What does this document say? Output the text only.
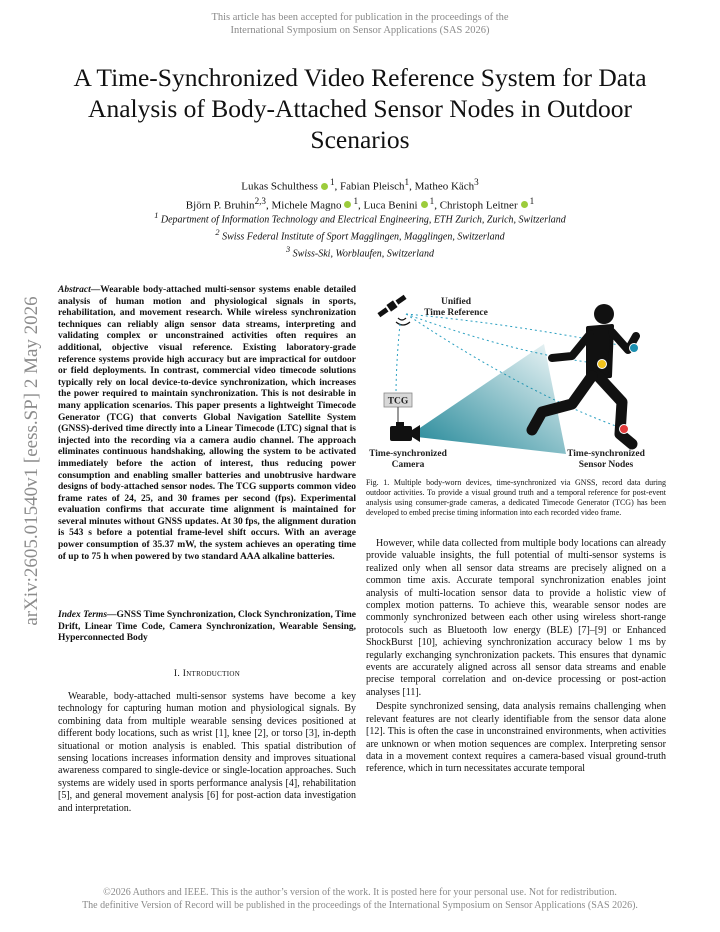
This article has been accepted for publication in the proceedings of the
International Symposium on Sensor Applications (SAS 2026)
A Time-Synchronized Video Reference System for Data Analysis of Body-Attached Sensor Nodes in Outdoor Scenarios
Lukas Schulthess $^1$, Fabian Pleisch$^1$, Matheo Käch$^3$
Björn P. Bruhin$^{2,3}$, Michele Magno $^1$, Luca Benini $^1$, Christoph Leitner $^1$
$^1$ Department of Information Technology and Electrical Engineering, ETH Zurich, Zurich, Switzerland
$^2$ Swiss Federal Institute of Sport Magglingen, Magglingen, Switzerland
$^3$ Swiss-Ski, Worblaufen, Switzerland
arXiv:2605.01540v1 [eess.SP] 2 May 2026
Abstract—Wearable body-attached multi-sensor systems enable detailed analysis of human motion and physiological signals in sports, rehabilitation, and movement research. While wireless synchronization techniques can reliably align sensor data streams, interpreting and validating complex or unconstrained activities often requires an additional, objective visual reference. Existing laboratory-grade reference systems provide high accuracy but are impractical for outdoor or field deployments. In contrast, commercial video timecode solutions typically rely on local device-to-device synchronization, which increases the power required to maintain synchronization. This is not desirable in many application scenarios. This paper presents a lightweight Timecode Generator (TCG) that converts Global Navigation Satellite System (GNSS)-derived time directly into a Linear Timecode (LTC) signal that is injected into the recording via a camera audio channel. The approach eliminates continuous handshaking, allowing the system to be activated immediately before the action of interest, thus reducing power consumption and enabling smaller batteries and unobtrusive hardware designs of body-attached sensor nodes. The TCG supports common video frame rates of 24, 25, and 30 frames per second (fps). Experimental evaluation confirms that accurate time alignment is maintained for several minutes without GNSS updates. At 30 fps, the alignment duration is 543 s before a potential frame-level shift occurs. With an average power consumption of 35.37 mW, the system achieves an operating time of up to 75 h when powered by two standard AAA alkaline batteries.
Index Terms—GNSS Time Synchronization, Clock Synchronization, Time Drift, Linear Time Code, Camera Synchronization, Wearable Sensing, Hyperconnected Body
I. Introduction

Wearable, body-attached multi-sensor systems have become a key technology for capturing human motion and physiological signals. By combining data from multiple wearable sensing devices positioned at different body locations, such as wrist [1], knee [2], or torso [3], in-depth situational or motion analysis is enabled. This spatial distribution of sensing locations increases information density and improves situational awareness compared to single-device or single-location approaches. Such systems are widely used in sports performance analysis [4], rehabilitation [5], and general movement analysis [6] for post-action data investigation and interpretation.

Unified
Time Reference
TCG
Time-synchronized
Camera
Time-synchronized
Sensor Nodes
Fig. 1. Multiple body-worn devices, time-synchronized via GNSS, record data during outdoor activities. To provide a visual ground truth and a temporal reference for post-event analysis using consumer-grade cameras, a dedicated Timecode Generator (TCG) has been developed to embed precise timing information into each recorded video frame.

However, while data collected from multiple body locations can already provide valuable insights, the full potential of multi-sensor systems is realized only when all sensor data streams are precisely aligned on a common time axis. Accurate temporal synchronization enables joint analysis of multi-location sensor data to provide a holistic view of complex motion patterns. To achieve this, wearable sensor nodes are commonly synchronized between each other using wireless short-range protocols such as Bluetooth low energy (BLE) [7]–[9] or Enhanced ShockBurst [10], achieving synchronization accuracy below 1 ms by regularly exchanging synchronization packets. This ensures that dynamic events are accurately aligned across all sensor data streams and enable precise temporal correlation and on-device processing or post-action analyses [11].

Despite synchronized sensing, data analysis remains challenging when relevant features are not clearly identifiable from the sensor data alone [12]. This is often the case in unconstrained environments, when activities are unknown or when motion sequences are complex. Interpreting sensor data in a movement context requires a camera-based visual ground-truth reference, which in turn necessitates accurate temporal

©2026 Authors and IEEE. This is the author’s version of the work. It is posted here for your personal use. Not for redistribution.
The definitive Version of Record will be published in the proceedings of the International Symposium on Sensor Applications (SAS 2026).
